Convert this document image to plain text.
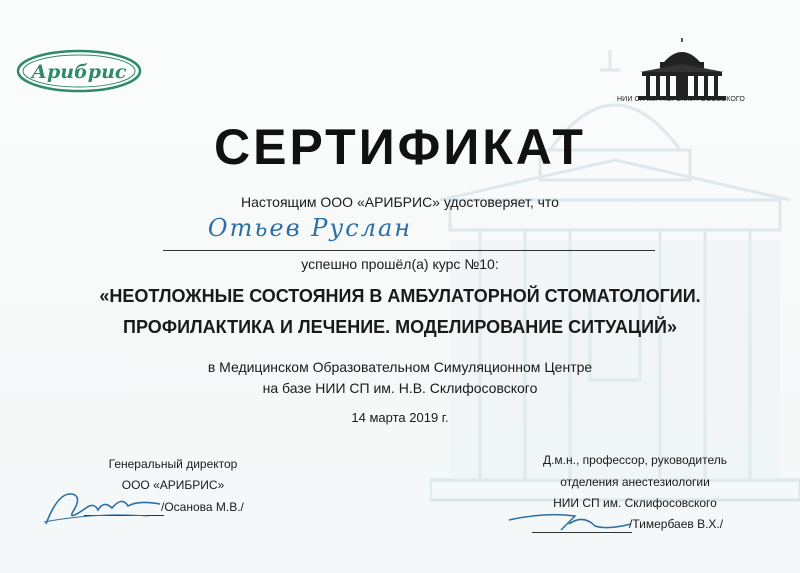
Арибрис
НИИ СП им. Н.В. СКЛИФОСОВСКОГО
СЕРТИФИКАТ
Настоящим ООО «АРИБРИС» удостоверяет, что
Отьев Руслан
успешно прошёл(а) курс №10:
«НЕОТЛОЖНЫЕ СОСТОЯНИЯ В АМБУЛАТОРНОЙ СТОМАТОЛОГИИ.
ПРОФИЛАКТИКА И ЛЕЧЕНИЕ. МОДЕЛИРОВАНИЕ СИТУАЦИЙ»
в Медицинском Образовательном Симуляционном Центре
на базе НИИ СП им. Н.В. Склифосовского
14 марта 2019 г.
Генеральный директор
ООО «АРИБРИС»
/Осанова М.В./
Д.м.н., профессор, руководитель
отделения анестезиологии
НИИ СП им. Склифосовского
/Тимербаев В.Х./
